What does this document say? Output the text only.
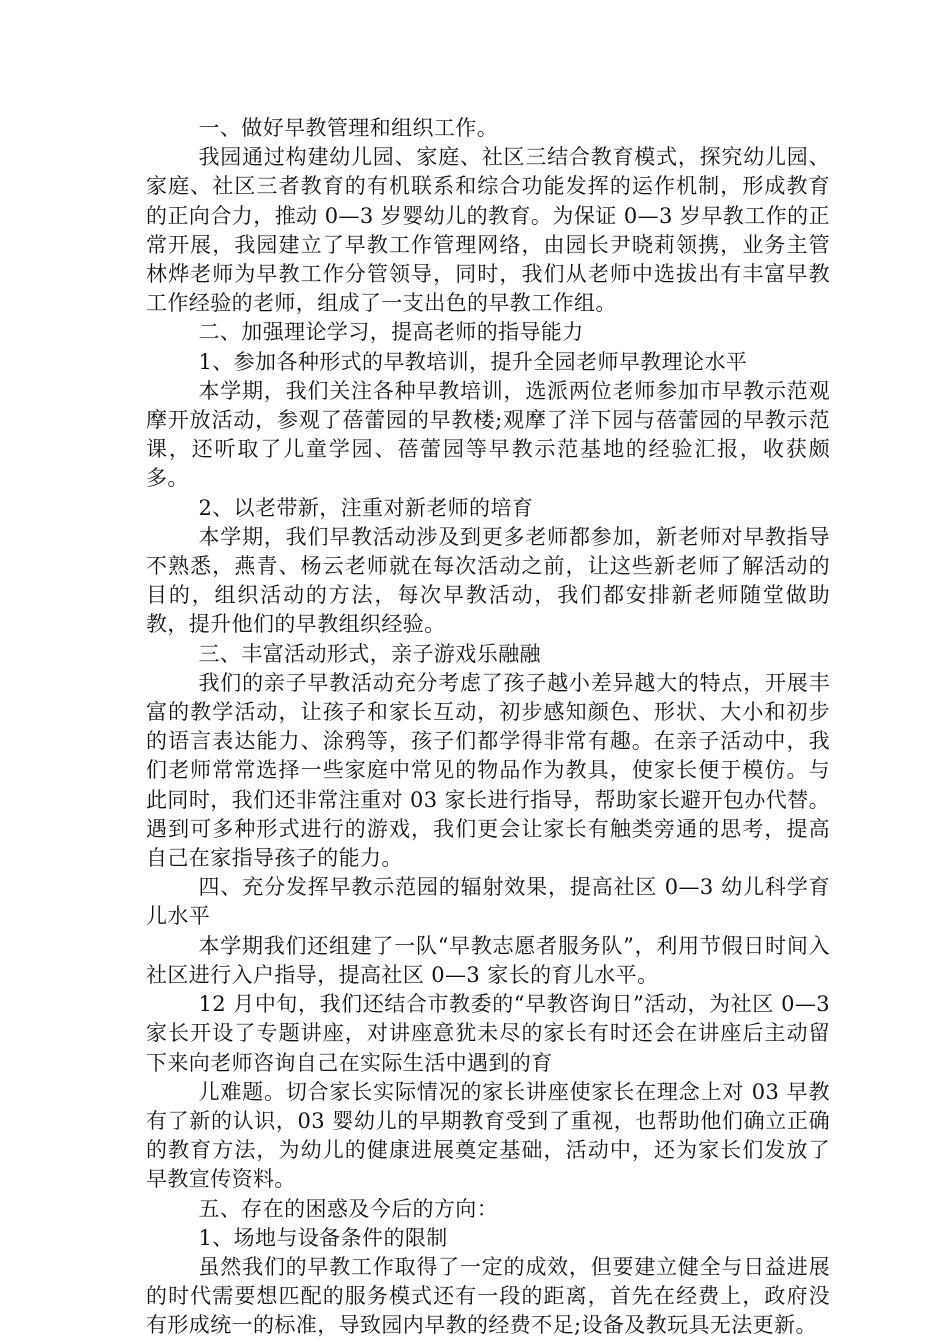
一、做好早教管理和组织工作。

我园通过构建幼儿园、家庭、社区三结合教育模式，探究幼儿园、家庭、社区三者教育的有机联系和综合功能发挥的运作机制，形成教育的正向合力，推动 0—3 岁婴幼儿的教育。为保证 0—3 岁早教工作的正常开展，我园建立了早教工作管理网络，由园长尹晓莉领携，业务主管林烨老师为早教工作分管领导，同时，我们从老师中选拔出有丰富早教工作经验的老师，组成了一支出色的早教工作组。

二、加强理论学习，提高老师的指导能力

1、参加各种形式的早教培训，提升全园老师早教理论水平

本学期，我们关注各种早教培训，选派两位老师参加市早教示范观摩开放活动，参观了蓓蕾园的早教楼;观摩了洋下园与蓓蕾园的早教示范课，还听取了儿童学园、蓓蕾园等早教示范基地的经验汇报，收获颇多。

2、以老带新，注重对新老师的培育

本学期，我们早教活动涉及到更多老师都参加，新老师对早教指导不熟悉，燕青、杨云老师就在每次活动之前，让这些新老师了解活动的目的，组织活动的方法，每次早教活动，我们都安排新老师随堂做助教，提升他们的早教组织经验。

三、丰富活动形式，亲子游戏乐融融

我们的亲子早教活动充分考虑了孩子越小差异越大的特点，开展丰富的教学活动，让孩子和家长互动，初步感知颜色、形状、大小和初步的语言表达能力、涂鸦等，孩子们都学得非常有趣。在亲子活动中，我们老师常常选择一些家庭中常见的物品作为教具，使家长便于模仿。与此同时，我们还非常注重对 03 家长进行指导，帮助家长避开包办代替。遇到可多种形式进行的游戏，我们更会让家长有触类旁通的思考，提高自己在家指导孩子的能力。

四、充分发挥早教示范园的辐射效果，提高社区 0—3 幼儿科学育儿水平

本学期我们还组建了一队“早教志愿者服务队”，利用节假日时间入社区进行入户指导，提高社区 0—3 家长的育儿水平。

12 月中旬，我们还结合市教委的“早教咨询日”活动，为社区 0—3 家长开设了专题讲座，对讲座意犹未尽的家长有时还会在讲座后主动留下来向老师咨询自己在实际生活中遇到的育

儿难题。切合家长实际情况的家长讲座使家长在理念上对 03 早教有了新的认识，03 婴幼儿的早期教育受到了重视，也帮助他们确立正确的教育方法，为幼儿的健康进展奠定基础，活动中，还为家长们发放了早教宣传资料。

五、存在的困惑及今后的方向：

1、场地与设备条件的限制

虽然我们的早教工作取得了一定的成效，但要建立健全与日益进展的时代需要想匹配的服务模式还有一段的距离，首先在经费上，政府没有形成统一的标准，导致园内早教的经费不足;设备及教玩具无法更新。
